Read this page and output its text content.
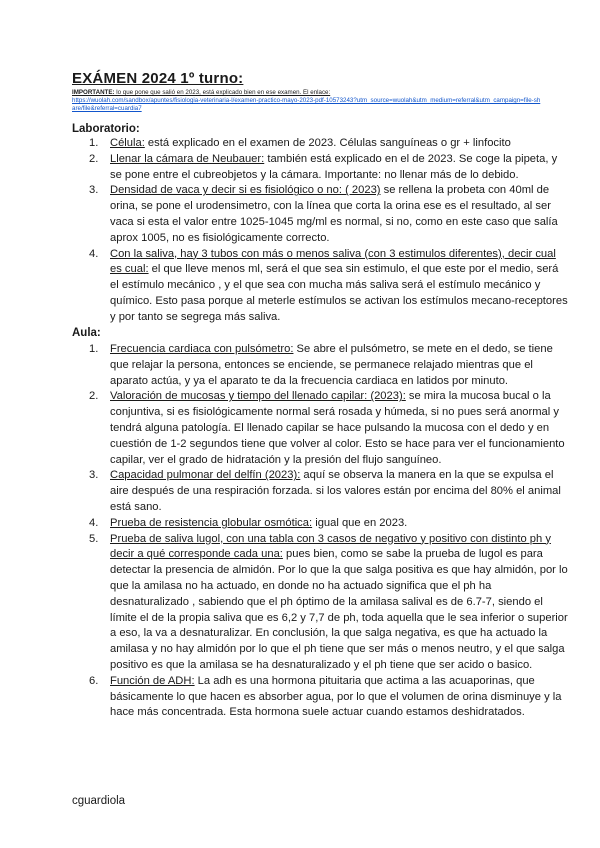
EXÁMEN 2024 1º turno:

IMPORTANTE: lo que pone que salió en 2023, está explicado bien en ese examen. El enlace:
https://wuolah.com/sandbox/apuntes/fisiologia-veterinaria-l/examen-practico-mayo-2023-pdf-10573243?utm_source=wuolah&utm_medium=referral&utm_campaign=file-share/file&referral=cuardia7

Laboratorio:

1. Célula: está explicado en el examen de 2023. Células sanguíneas o gr + linfocito
2. Llenar la cámara de Neubauer: también está explicado en el de 2023. Se coge la pipeta, y se pone entre el cubreobjetos y la cámara. Importante: no llenar más de lo debido.
3. Densidad de vaca y decir si es fisiológico o no: ( 2023) se rellena la probeta con 40ml de orina, se pone el urodensimetro, con la línea que corta la orina ese es el resultado, al ser vaca si esta el valor entre 1025-1045 mg/ml es normal, si no, como en este caso que salía aprox 1005, no es fisiológicamente correcto.
4. Con la saliva, hay 3 tubos con más o menos saliva (con 3 estimulos diferentes), decir cual es cual: el que lleve menos ml, será el que sea sin estimulo, el que este por el medio, será el estímulo mecánico , y el que sea con mucha más saliva será el estímulo mecánico y químico. Esto pasa porque al meterle estímulos se activan los estímulos mecano-receptores y por tanto se segrega más saliva.

Aula:

1. Frecuencia cardiaca con pulsómetro: Se abre el pulsómetro, se mete en el dedo, se tiene que relajar la persona, entonces se enciende, se permanece relajado mientras que el aparato actúa, y ya el aparato te da la frecuencia cardiaca en latidos por minuto.
2. Valoración de mucosas y tiempo del llenado capilar: (2023): se mira la mucosa bucal o la conjuntiva, si es fisiológicamente normal será rosada y húmeda, si no pues será anormal y tendrá alguna patología. El llenado capilar se hace pulsando la mucosa con el dedo y en cuestión de 1-2 segundos tiene que volver al color. Esto se hace para ver el funcionamiento capilar, ver el grado de hidratación y la presión del flujo sanguíneo.
3. Capacidad pulmonar del delfín (2023): aquí se observa la manera en la que se expulsa el aire después de una respiración forzada. si los valores están por encima del 80% el animal está sano.
4. Prueba de resistencia globular osmótica: igual que en 2023.
5. Prueba de saliva lugol, con una tabla con 3 casos de negativo y positivo con distinto ph y decir a qué corresponde cada una: pues bien, como se sabe la prueba de lugol es para detectar la presencia de almidón. Por lo que la que salga positiva es que hay almidón, por lo que la amilasa no ha actuado, en donde no ha actuado significa que el ph ha desnaturalizado , sabiendo que el ph óptimo de la amilasa salival es de 6.7-7, siendo el límite el de la propia saliva que es 6,2 y 7,7 de ph, toda aquella que le sea inferior o superior a eso, la va a desnaturalizar. En conclusión, la que salga negativa, es que ha actuado la amilasa y no hay almidón por lo que el ph tiene que ser más o menos neutro, y el que salga positivo es que la amilasa se ha desnaturalizado y el ph tiene que ser acido o basico.
6. Función de ADH: La adh es una hormona pituitaria que actima a las acuaporinas, que básicamente lo que hacen es absorber agua, por lo que el volumen de orina disminuye y la hace más concentrada. Esta hormona suele actuar cuando estamos deshidratados.

cguardiola
